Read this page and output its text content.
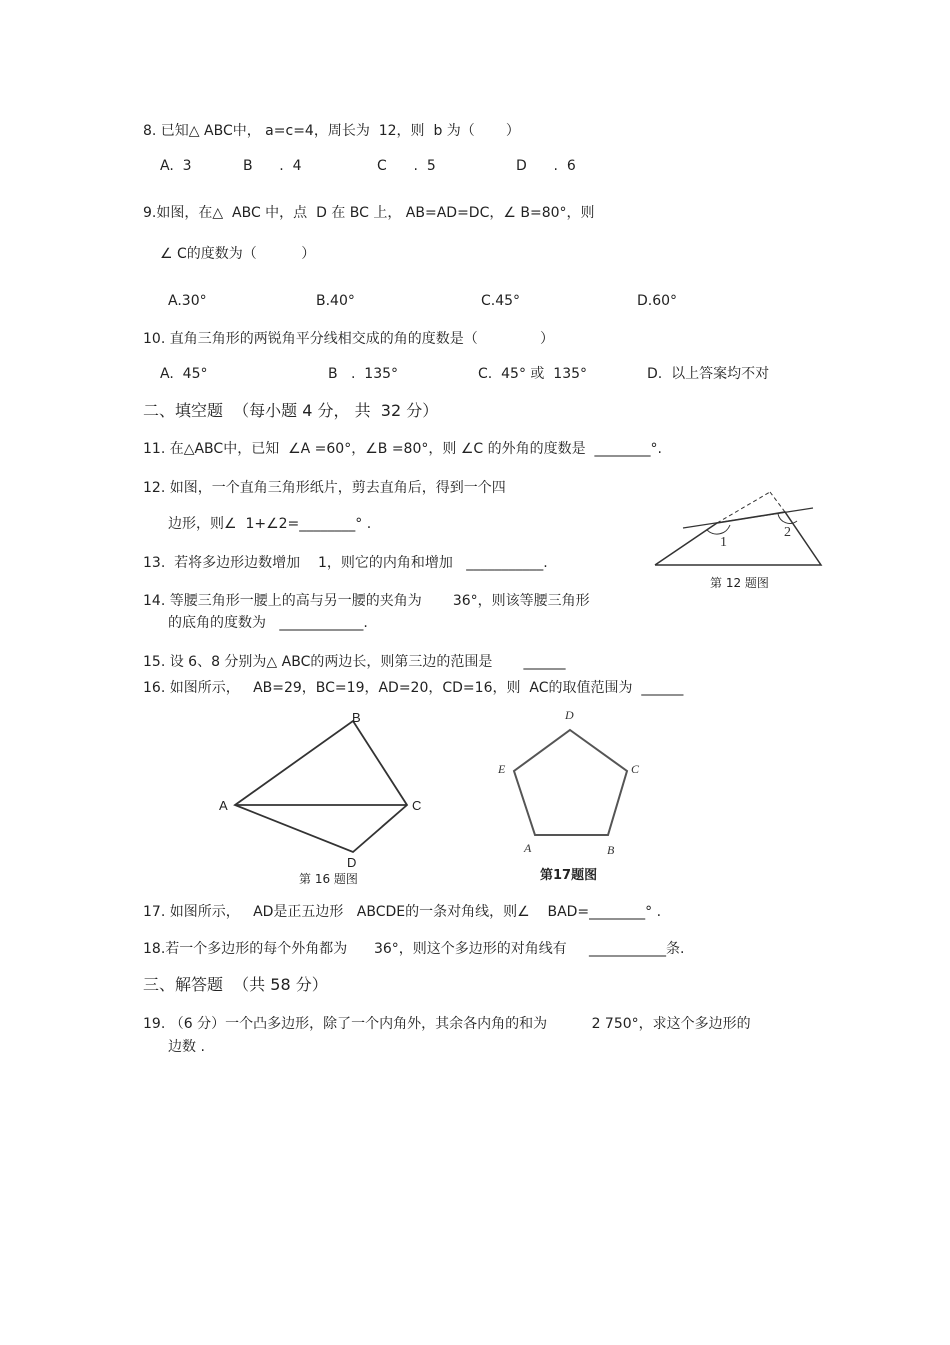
8. 已知△ ABC中， a=c=4，周长为  12，则  b 为（       ）
A.  3	B      .  4	C      .  5	D      .  6
9.如图，在△  ABC 中，点  D 在 BC 上， AB=AD=DC，∠ B=80°，则
∠ C的度数为（          ）
A.30°	B.40°	C.45°	D.60°
10. 直角三角形的两锐角平分线相交成的角的度数是（              ）
A.  45°	B   .  135°	C.  45° 或  135°	D.  以上答案均不对
二、填空题  （每小题 4 分， 共  32 分）
11. 在△ABC中，已知  ∠A =60°，∠B =80°，则 ∠C 的外角的度数是  ________°.
12. 如图，一个直角三角形纸片，剪去直角后，得到一个四
边形，则∠  1+∠2=________° .
1
2
第 12 题图
13.  若将多边形边数增加    1，则它的内角和增加   ___________.
14. 等腰三角形一腰上的高与另一腰的夹角为       36°，则该等腰三角形
的底角的度数为   ____________.
15. 设 6、8 分别为△ ABC的两边长，则第三边的范围是       ______
16. 如图所示，   AB=29，BC=19，AD=20，CD=16，则  AC的取值范围为  ______
A
B
C
D
第 16 题图
D
C
E
A	B
第17题图
17. 如图所示，   AD是正五边形   ABCDE的一条对角线，则∠    BAD=________° .
18.若一个多边形的每个外角都为      36°，则这个多边形的对角线有     ___________条.
三、解答题  （共 58 分）
19. （6 分）一个凸多边形，除了一个内角外，其余各内角的和为          2 750°，求这个多边形的
边数 .
